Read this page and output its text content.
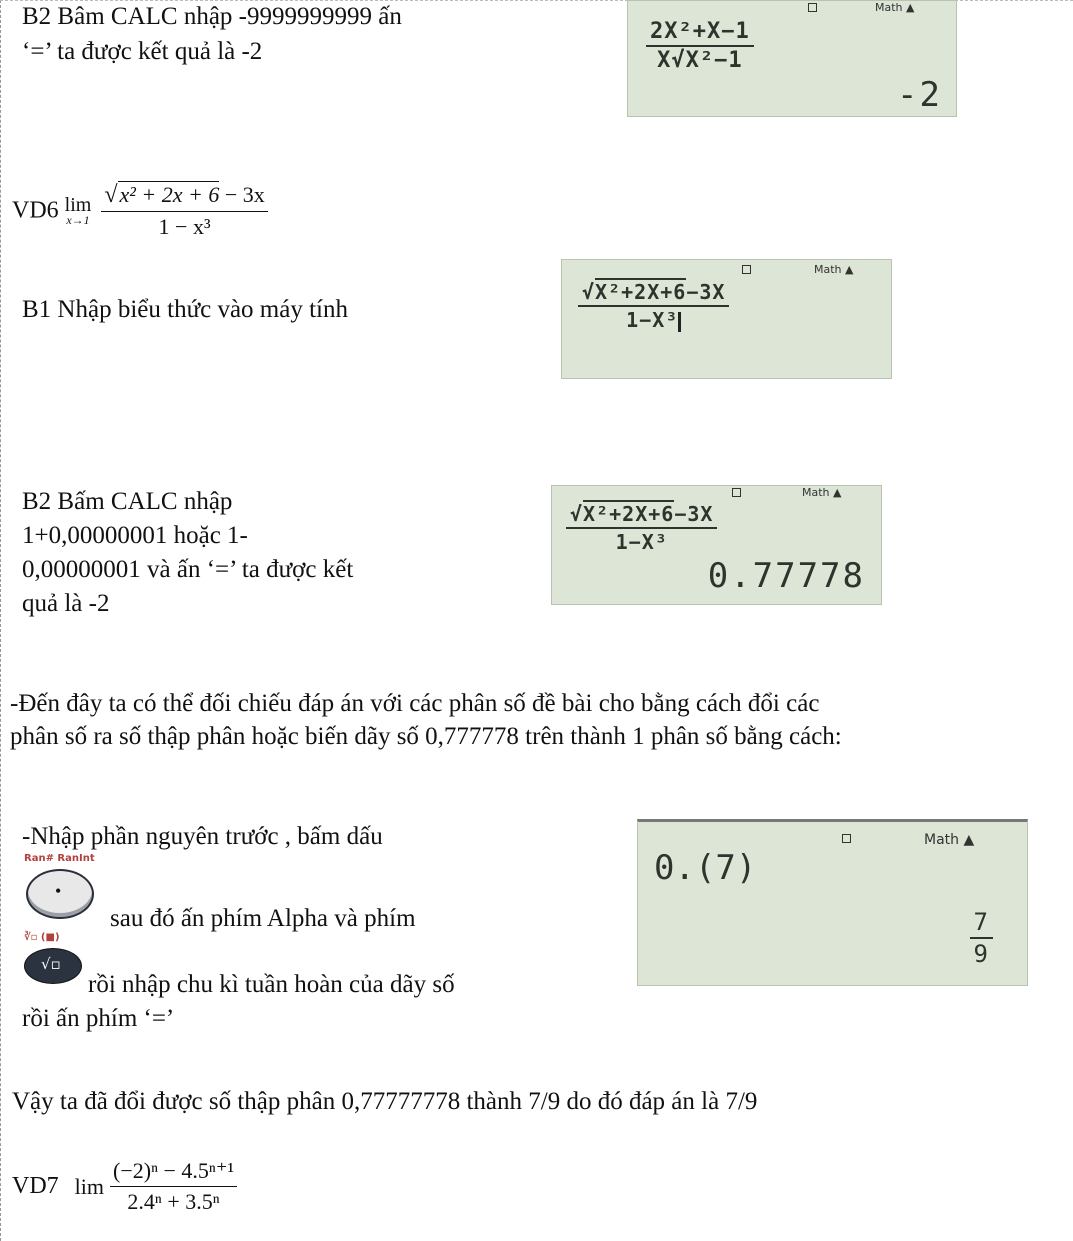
B2 Bâm CALC nhập -9999999999 ấn
‘=’ ta được kết quả là -2
Math ▲
$\frac{\text{2X²+X−1}}{\text{X√X²−1}}$
-2
VD6 lim
x→1
$\frac{\text{√x² + 2x + 6 − 3x}}{\text{1 − x³}}$
B1 Nhập biểu thức vào máy tính
Math ▲
$\frac{\text{√X²+2X+6−3X}}{\text{1−X³}}$
B2 Bấm CALC nhập
1+0,00000001 hoặc 1-
0,00000001 và ấn ‘=’ ta được kết
quả là -2
Math ▲
$\frac{\text{√X²+2X+6−3X}}{\text{1−X³}}$
0.77778
-Đến đây ta có thể đối chiếu đáp án với các phân số đề bài cho bằng cách đổi các
phân số ra số thập phân hoặc biến dãy số 0,777778 trên thành 1 phân số bằng cách:
-Nhập phần nguyên trước , bấm dấu
Ran# RanInt
•
sau đó ấn phím Alpha và phím
∛▫ (■)
√▫
rồi nhập chu kì tuần hoàn của dãy số
rồi ấn phím ‘=’
Math ▲
0.(7)
$\frac{7}{9}$
Vậy ta đã đổi được số thập phân 0,77777778 thành 7/9 do đó đáp án là 7/9
VD7 $\lim \frac{\text{(−2)ⁿ − 4.5ⁿ⁺¹}}{\text{2.4ⁿ + 3.5ⁿ}}$
